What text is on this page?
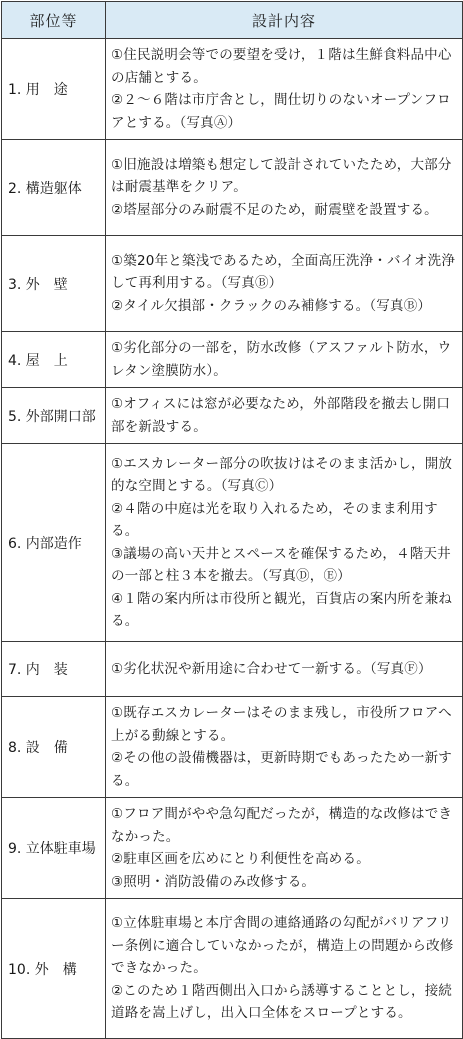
部位等	設計内容
1. 用　途	①住民説明会等での要望を受け，１階は生鮮食料品中心の店舗とする。
②２～６階は市庁舎とし，間仕切りのないオープンフロアとする。（写真Ⓐ）

2. 構造躯体	①旧施設は増築も想定して設計されていたため，大部分は耐震基準をクリア。
②塔屋部分のみ耐震不足のため，耐震壁を設置する。

3. 外　壁	①築20年と築浅であるため，全面高圧洗浄・バイオ洗浄して再利用する。（写真Ⓑ）
②タイル欠損部・クラックのみ補修する。（写真Ⓑ）

4. 屋　上	①劣化部分の一部を，防水改修（アスファルト防水，ウレタン塗膜防水）。

5. 外部開口部	①オフィスには窓が必要なため，外部階段を撤去し開口部を新設する。

6. 内部造作	①エスカレーター部分の吹抜けはそのまま活かし，開放的な空間とする。（写真Ⓒ）
②４階の中庭は光を取り入れるため，そのまま利用する。
③議場の高い天井とスペースを確保するため，４階天井の一部と柱３本を撤去。（写真Ⓓ，Ⓔ）
④１階の案内所は市役所と観光，百貨店の案内所を兼ねる。

7. 内　装	①劣化状況や新用途に合わせて一新する。（写真Ⓕ）

8. 設　備	①既存エスカレーターはそのまま残し，市役所フロアへ上がる動線とする。
②その他の設備機器は，更新時期でもあったため一新する。

9. 立体駐車場	①フロア間がやや急勾配だったが，構造的な改修はできなかった。
②駐車区画を広めにとり利便性を高める。
③照明・消防設備のみ改修する。

10. 外　構	①立体駐車場と本庁舎間の連絡通路の勾配がバリアフリー条例に適合していなかったが，構造上の問題から改修できなかった。
②このため１階西側出入口から誘導することとし，接続道路を嵩上げし，出入口全体をスロープとする。
